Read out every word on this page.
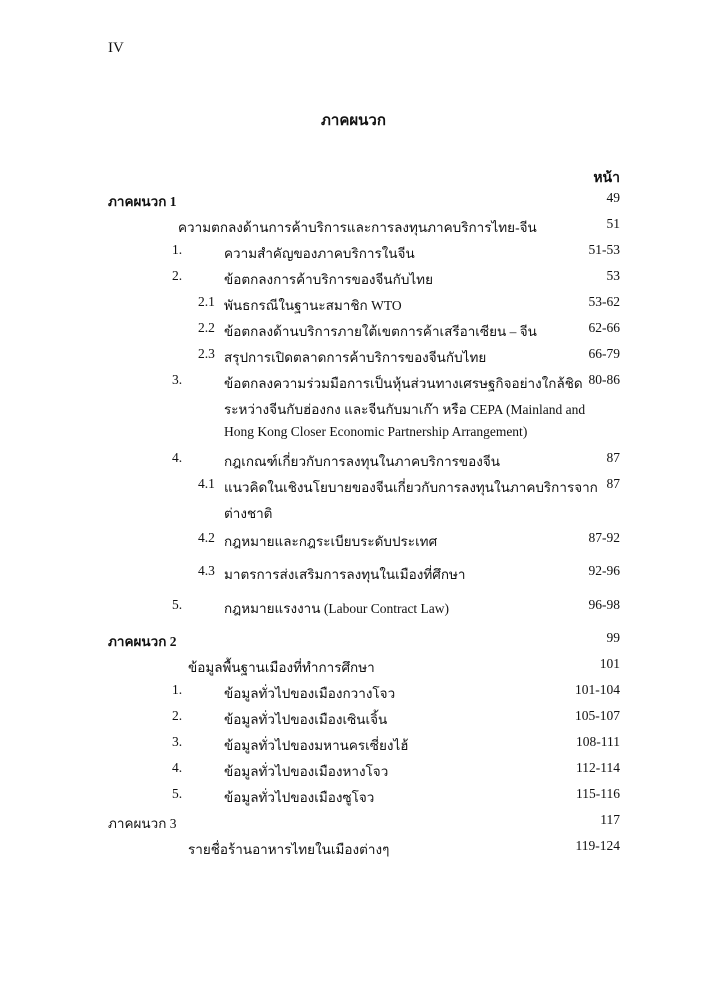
IV
ภาคผนวก
หน้า
ภาคผนวก 1	49
ความตกลงด้านการค้าบริการและการลงทุนภาคบริการไทย-จีน	51
1.	ความสำคัญของภาคบริการในจีน	51-53
2.	ข้อตกลงการค้าบริการของจีนกับไทย	53
2.1 พันธกรณีในฐานะสมาชิก WTO	53-62
2.2 ข้อตกลงด้านบริการภายใต้เขตการค้าเสรีอาเซียน – จีน	62-66
2.3 สรุปการเปิดตลาดการค้าบริการของจีนกับไทย	66-79
3.	ข้อตกลงความร่วมมือการเป็นหุ้นส่วนทางเศรษฐกิจอย่างใกล้ชิด 80-86
ระหว่างจีนกับฮ่องกง และจีนกับมาเก๊า หรือ CEPA (Mainland and
Hong Kong Closer Economic Partnership Arrangement)
4.	กฎเกณฑ์เกี่ยวกับการลงทุนในภาคบริการของจีน	87
4.1 แนวคิดในเชิงนโยบายของจีนเกี่ยวกับการลงทุนในภาคบริการจาก 87
ต่างชาติ
4.2 กฎหมายและกฎระเบียบระดับประเทศ	87-92
4.3 มาตรการส่งเสริมการลงทุนในเมืองที่ศึกษา	92-96
5.	กฎหมายแรงงาน (Labour Contract Law)	96-98
ภาคผนวก 2	99
ข้อมูลพื้นฐานเมืองที่ทำการศึกษา	101
1.	ข้อมูลทั่วไปของเมืองกวางโจว	101-104
2.	ข้อมูลทั่วไปของเมืองเซินเจิ้น	105-107
3.	ข้อมูลทั่วไปของมหานครเซี่ยงไฮ้	108-111
4.	ข้อมูลทั่วไปของเมืองหางโจว	112-114
5.	ข้อมูลทั่วไปของเมืองซูโจว	115-116
ภาคผนวก 3	117
รายชื่อร้านอาหารไทยในเมืองต่างๆ	119-124
